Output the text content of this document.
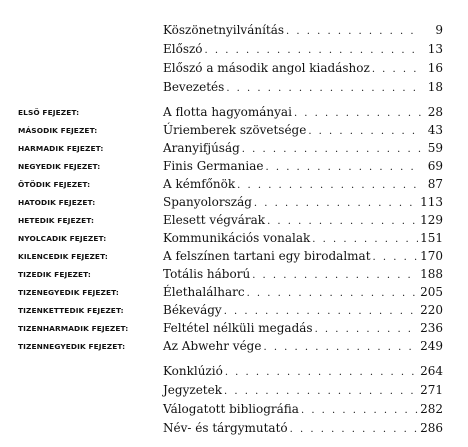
Köszönetnyilvánítás . . .	9
Előszó . . .	13
Előszó a második angol kiadáshoz . . .	16
Bevezetés . . .	18
ELSŐ FEJEZET:	A flotta hagyományai . . .	28
MÁSODIK FEJEZET:	Úriemberek szövetsége . . .	43
HARMADIK FEJEZET:	Aranyifjúság . . .	59
NEGYEDIK FEJEZET:	Finis Germaniae . . .	69
ÖTÖDIK FEJEZET:	A kémfőnök . . .	87
HATODIK FEJEZET:	Spanyolország . . .	113
HETEDIK FEJEZET:	Elesett végvárak . . .	129
NYOLCADIK FEJEZET:	Kommunikációs vonalak . . .	151
KILENCEDIK FEJEZET:	A felszínen tartani egy birodalmat . . .	170
TIZEDIK FEJEZET:	Totális háború . . .	188
TIZENEGYEDIK FEJEZET:	Élethalálharc . . .	205
TIZENKETTEDIK FEJEZET:	Békevágy . . .	220
TIZENHARMADIK FEJEZET:	Feltétel nélküli megadás . . .	236
TIZENNEGYEDIK FEJEZET:	Az Abwehr vége . . .	249
Konklúzió . . .	264
Jegyzetek . . .	271
Válogatott bibliográfia . . .	282
Név- és tárgymutató . . .	286
